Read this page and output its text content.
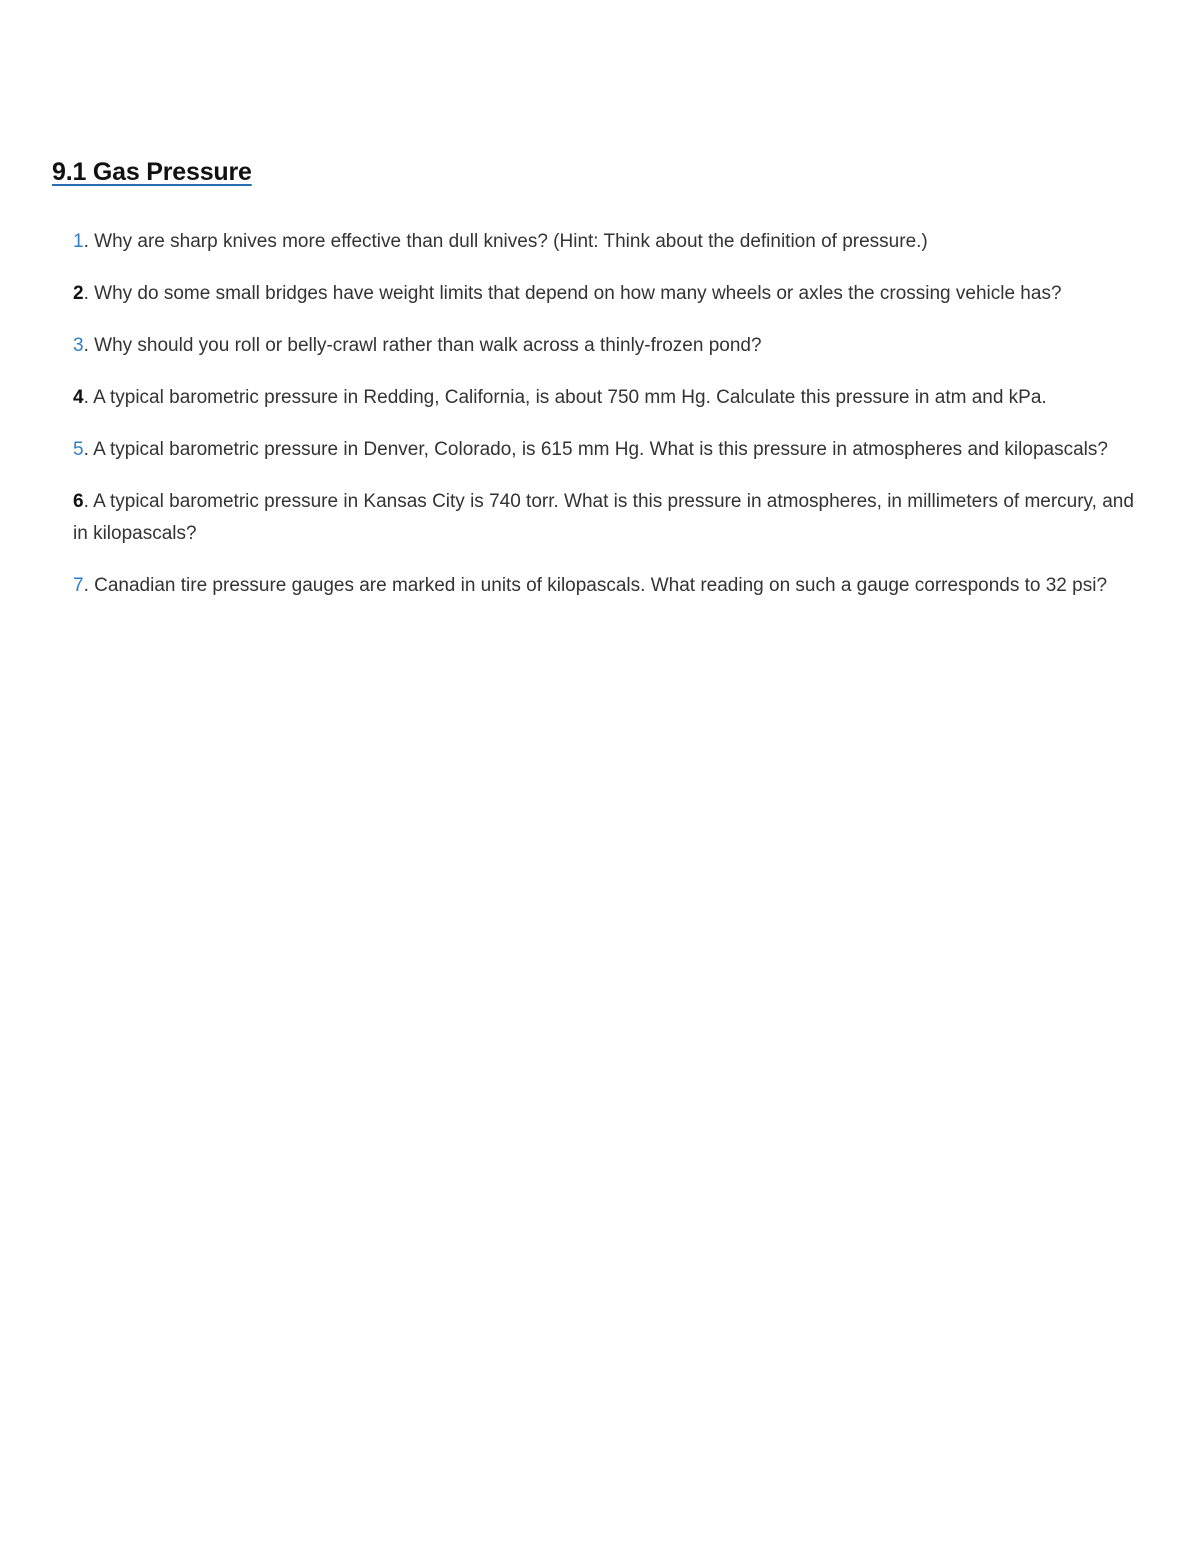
9.1 Gas Pressure
1. Why are sharp knives more effective than dull knives? (Hint: Think about the definition of pressure.)
2. Why do some small bridges have weight limits that depend on how many wheels or axles the crossing vehicle has?
3. Why should you roll or belly-crawl rather than walk across a thinly-frozen pond?
4. A typical barometric pressure in Redding, California, is about 750 mm Hg. Calculate this pressure in atm and kPa.
5. A typical barometric pressure in Denver, Colorado, is 615 mm Hg. What is this pressure in atmospheres and kilopascals?
6. A typical barometric pressure in Kansas City is 740 torr. What is this pressure in atmospheres, in millimeters of mercury, and in kilopascals?
7. Canadian tire pressure gauges are marked in units of kilopascals. What reading on such a gauge corresponds to 32 psi?
